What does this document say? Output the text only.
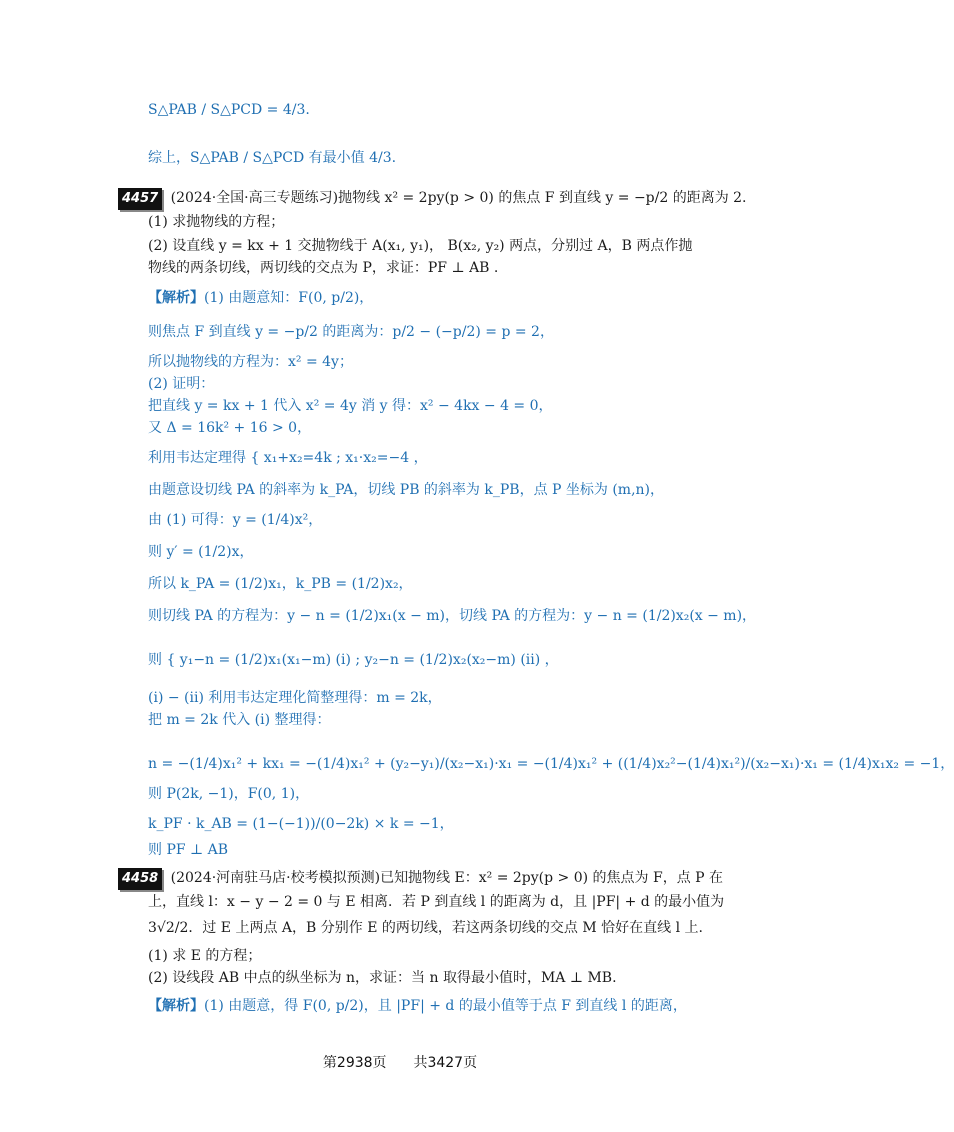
4457 (2024·全国·高三专题练习)抛物线 x² = 2py(p > 0) 的焦点 F 到直线 y = −p/2 的距离为 2.
4458 (2024·河南驻马店·校考模拟预测)已知抛物线 E：x² = 2py(p > 0) 的焦点为 F，点 P 在
S△PAB / S△PCD = 4/3.
综上，S△PAB / S△PCD 有最小值 4/3.
(1) 求抛物线的方程；
(2) 设直线 y = kx + 1 交抛物线于 A(x₁, y₁)， B(x₂, y₂) 两点，分别过 A，B 两点作抛
物线的两条切线，两切线的交点为 P，求证：PF ⊥ AB .
【解析】(1) 由题意知：F(0, p/2)，
则焦点 F 到直线 y = −p/2 的距离为：p/2 − (−p/2) = p = 2，
所以抛物线的方程为：x² = 4y；
(2) 证明：
把直线 y = kx + 1 代入 x² = 4y 消 y 得：x² − 4kx − 4 = 0，
又 Δ = 16k² + 16 > 0，
利用韦达定理得 { x₁+x₂=4k ; x₁·x₂=−4 ，
由题意设切线 PA 的斜率为 k_PA，切线 PB 的斜率为 k_PB，点 P 坐标为 (m,n)，
由 (1) 可得：y = (1/4)x²，
则 y′ = (1/2)x，
所以 k_PA = (1/2)x₁，k_PB = (1/2)x₂，
则切线 PA 的方程为：y − n = (1/2)x₁(x − m)，切线 PA 的方程为：y − n = (1/2)x₂(x − m)，
则 { y₁−n = (1/2)x₁(x₁−m) (i) ; y₂−n = (1/2)x₂(x₂−m) (ii) ，
(i) − (ii) 利用韦达定理化简整理得：m = 2k，
把 m = 2k 代入 (i) 整理得：
n = −(1/4)x₁² + kx₁ = −(1/4)x₁² + (y₂−y₁)/(x₂−x₁)·x₁ = −(1/4)x₁² + ((1/4)x₂²−(1/4)x₁²)/(x₂−x₁)·x₁ = (1/4)x₁x₂ = −1，
则 P(2k, −1)，F(0, 1)，
k_PF · k_AB = (1−(−1))/(0−2k) × k = −1，
则 PF ⊥ AB
上，直线 l：x − y − 2 = 0 与 E 相离．若 P 到直线 l 的距离为 d，且 |PF| + d 的最小值为
3√2/2．过 E 上两点 A，B 分别作 E 的两切线，若这两条切线的交点 M 恰好在直线 l 上.
(1) 求 E 的方程；
(2) 设线段 AB 中点的纵坐标为 n，求证：当 n 取得最小值时，MA ⊥ MB.
【解析】(1) 由题意，得 F(0, p/2)，且 |PF| + d 的最小值等于点 F 到直线 l 的距离，
第2938页 共3427页
